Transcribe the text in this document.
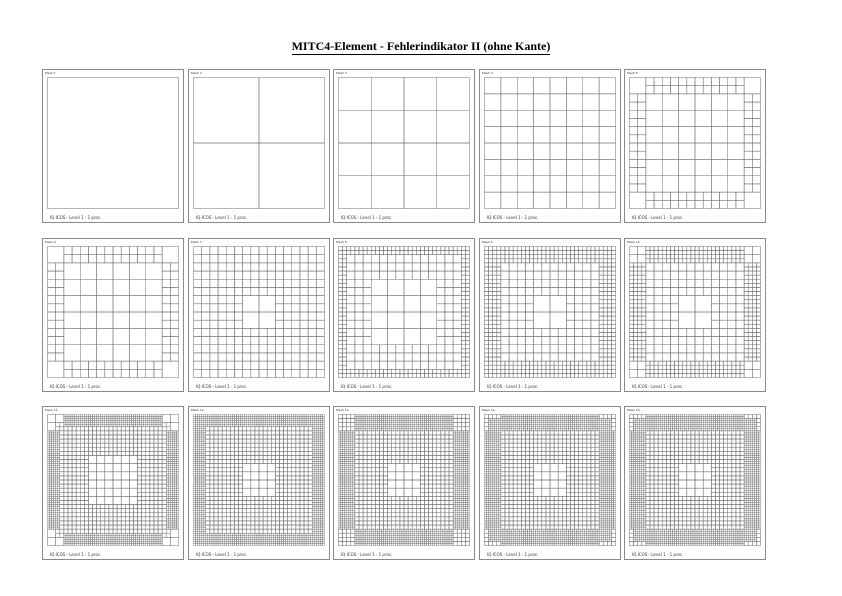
MITC4-Element - Fehlerindikator II (ohne Kante)
Mesh 1
IQ·ICOS - Level 1 - 1 proc.
Mesh 2
IQ·ICOS - Level 1 - 1 proc.
Mesh 3
IQ·ICOS - Level 1 - 1 proc.
Mesh 4
IQ·ICOS - Level 1 - 1 proc.
Mesh 5
IQ·ICOS - Level 1 - 1 proc.
Mesh 6
IQ·ICOS - Level 1 - 1 proc.
Mesh 7
IQ·ICOS - Level 1 - 1 proc.
Mesh 8
IQ·ICOS - Level 1 - 1 proc.
Mesh 9
IQ·ICOS - Level 1 - 1 proc.
Mesh 10
IQ·ICOS - Level 1 - 1 proc.
Mesh 11
IQ·ICOS - Level 1 - 1 proc.
Mesh 12
IQ·ICOS - Level 1 - 1 proc.
Mesh 13
IQ·ICOS - Level 1 - 1 proc.
Mesh 14
IQ·ICOS - Level 1 - 1 proc.
Mesh 15
IQ·ICOS - Level 1 - 1 proc.
